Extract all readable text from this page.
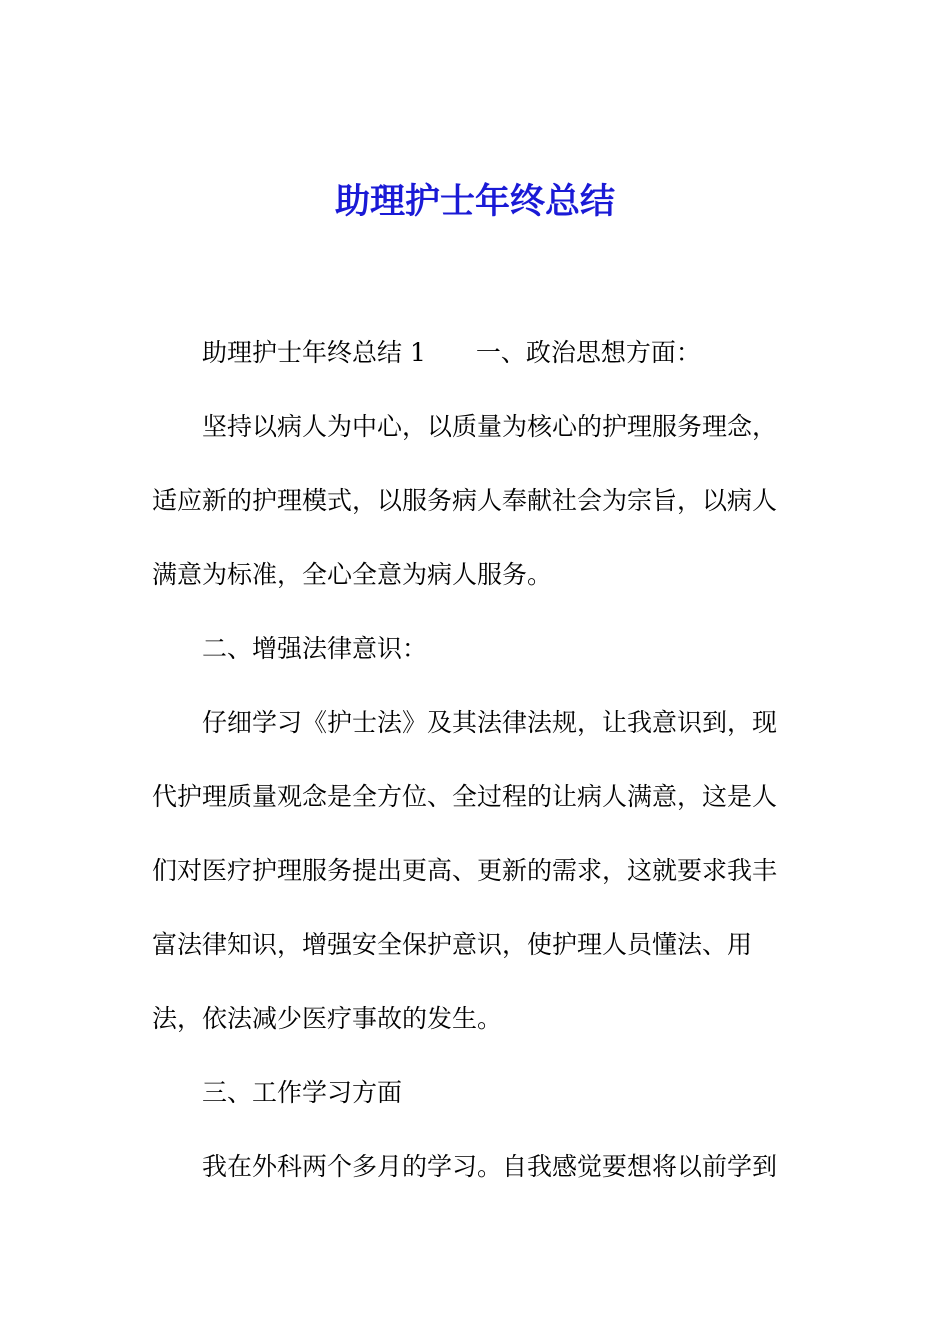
助理护士年终总结

助理护士年终总结 1　　一、政治思想方面：

坚持以病人为中心，以质量为核心的护理服务理念，

适应新的护理模式，以服务病人奉献社会为宗旨，以病人

满意为标准，全心全意为病人服务。

二、增强法律意识：

仔细学习《护士法》及其法律法规，让我意识到，现

代护理质量观念是全方位、全过程的让病人满意，这是人

们对医疗护理服务提出更高、更新的需求，这就要求我丰

富法律知识，增强安全保护意识，使护理人员懂法、用

法，依法减少医疗事故的发生。

三、工作学习方面

我在外科两个多月的学习。自我感觉要想将以前学到
